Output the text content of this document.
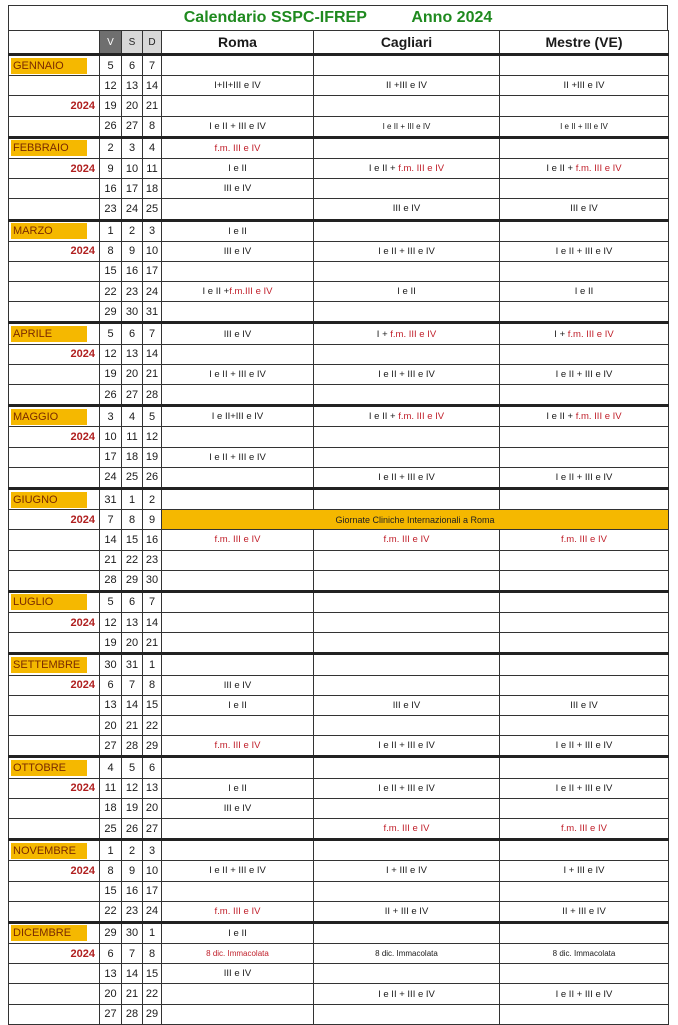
Calendario SSPC-IFREP	Anno 2024
	V	S	D	Roma	Cagliari	Mestre (VE)

GENNAIO	5	6	7			
	12	13	14	I+II+III e IV	II +III e IV	II +III e IV

2024	19	20	21			
	26	27	8	I e II + III e IV	I e II + III e IV	I e II + III e IV

FEBBRAIO	2	3	4	f.m. III e IV		

2024	9	10	11	I e II	I e II + f.m. III e IV	I e II + f.m. III e IV
	16	17	18	III e IV		
	23	24	25		III e IV	III e IV

MARZO	1	2	3	I e II		

2024	8	9	10	III e IV	I e II + III e IV	I e II + III e IV
	15	16	17			
	22	23	24	I e II +f.m.III e IV	I e II	I e II
	29	30	31			

APRILE	5	6	7	III e IV	I + f.m. III e IV	I + f.m. III e IV

2024	12	13	14			
	19	20	21	I e II + III e IV	I e II + III e IV	I e II + III e IV
	26	27	28			

MAGGIO	3	4	5	I e II+III e IV	I e II + f.m. III e IV	I e II + f.m. III e IV

2024	10	11	12			
	17	18	19	I e II + III e IV		
	24	25	26		I e II + III e IV	I e II + III e IV

GIUGNO	31	1	2			

2024	7	8	9	Giornate Cliniche Internazionali a Roma		
	14	15	16	f.m. III e IV	f.m. III e IV	f.m. III e IV
	21	22	23			
	28	29	30			

LUGLIO	5	6	7			

2024	12	13	14			
	19	20	21			

SETTEMBRE	30	31	1			

2024	6	7	8	III e IV		
	13	14	15	I e II	III e IV	III e IV
	20	21	22			
	27	28	29	f.m. III e IV	I e II + III e IV	I e II + III e IV

OTTOBRE	4	5	6			

2024	11	12	13	I e II	I e II + III e IV	I e II + III e IV
	18	19	20	III e IV		
	25	26	27		f.m. III e IV	f.m. III e IV

NOVEMBRE	1	2	3			

2024	8	9	10	I e II + III e IV	I + III e IV	I + III e IV
	15	16	17			
	22	23	24	f.m. III e IV	II + III e IV	II + III e IV

DICEMBRE	29	30	1	I e II		

2024	6	7	8	8 dic. Immacolata	8 dic. Immacolata	8 dic. Immacolata
	13	14	15	III e IV		
	20	21	22		I e II + III e IV	I e II + III e IV
	27	28	29			
